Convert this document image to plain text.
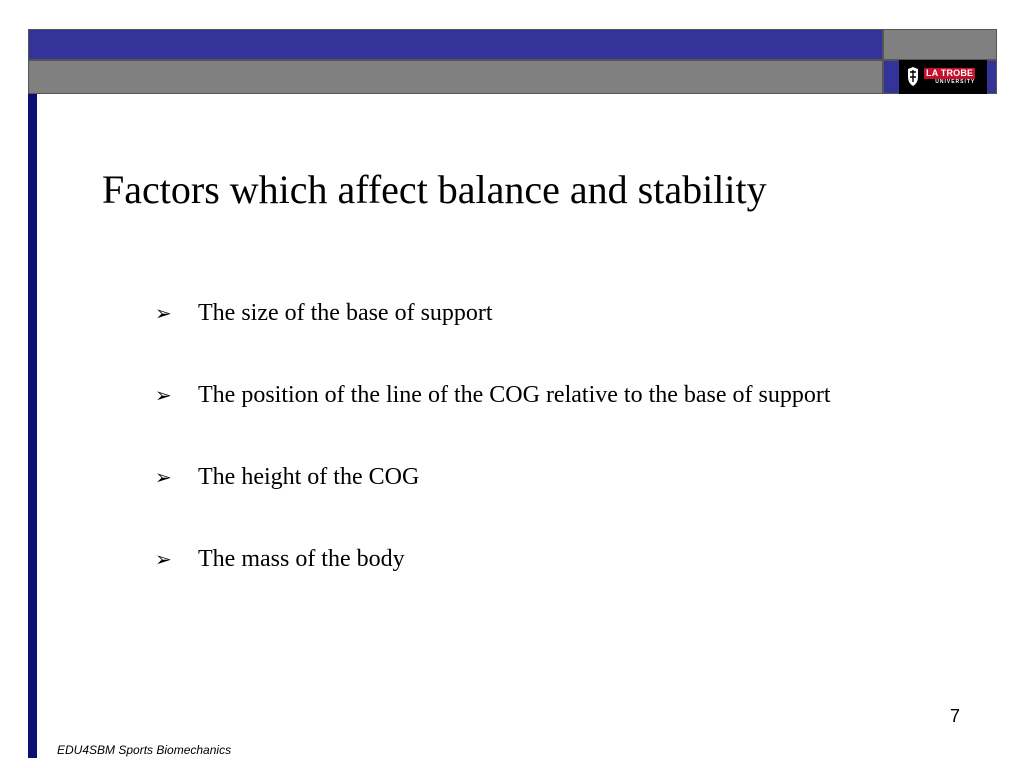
LA TROBE
UNIVERSITY
Factors which affect balance and stability
➢ The size of the base of support
➢ The position of the line of the COG relative to the base of support
➢ The height of the COG
➢ The mass of the body
7
EDU4SBM Sports Biomechanics
